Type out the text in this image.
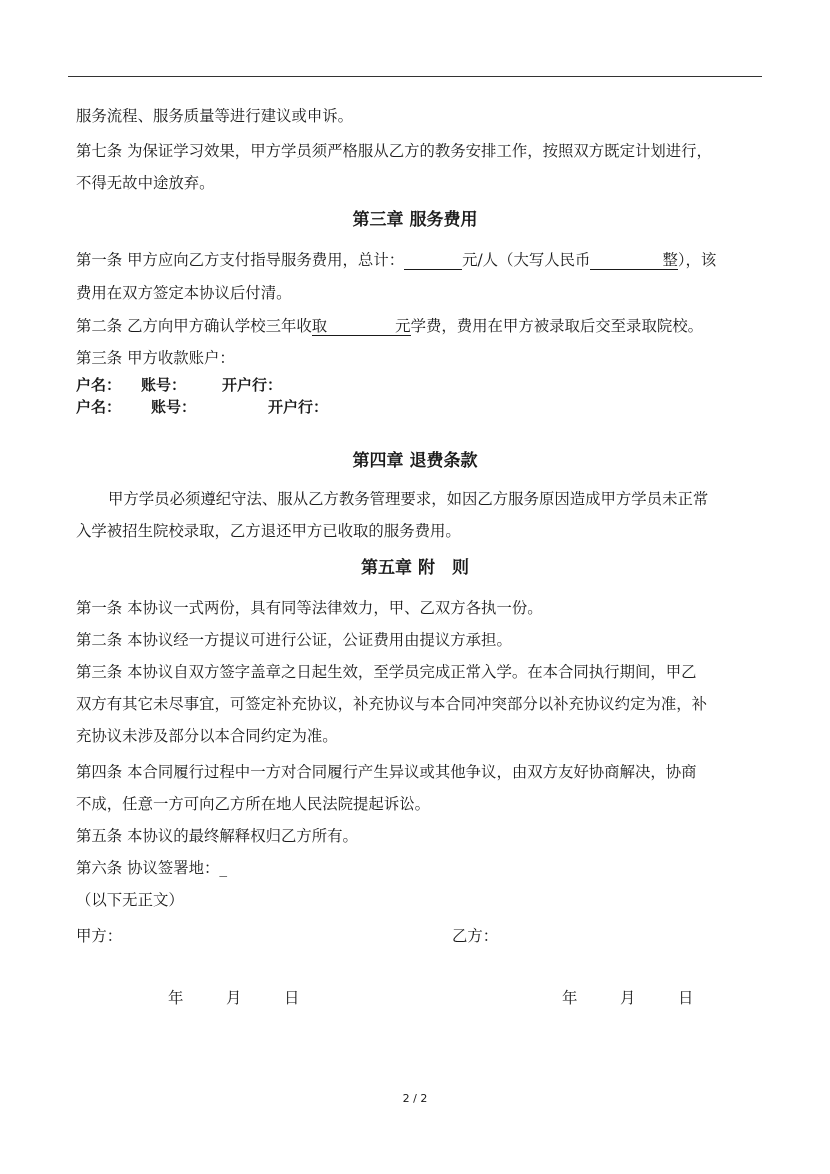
​
服务流程、服务质量等进行建议或申诉。
第七条 为保证学习效果，甲方学员须严格服从乙方的教务安排工作，按照双方既定计划进行，
不得无故中途放弃。
第三章 服务费用
第一条 甲方应向乙方支付指导服务费用，总计：	元/人（大写人民币	整），该
费用在双方签定本协议后付清。
第二条 乙方向甲方确认学校三年收取	元学费，费用在甲方被录取后交至录取院校。
第三条 甲方收款账户：
户名： 账号： 开户行：
户名： 账号：	开户行：
第四章 退费条款
甲方学员必须遵纪守法、服从乙方教务管理要求，如因乙方服务原因造成甲方学员未正常
入学被招生院校录取，乙方退还甲方已收取的服务费用。
第五章 附　则
第一条 本协议一式两份，具有同等法律效力，甲、乙双方各执一份。
第二条 本协议经一方提议可进行公证，公证费用由提议方承担。
第三条 本协议自双方签字盖章之日起生效，至学员完成正常入学。在本合同执行期间，甲乙
双方有其它未尽事宜，可签定补充协议，补充协议与本合同冲突部分以补充协议约定为准，补
充协议未涉及部分以本合同约定为准。
第四条 本合同履行过程中一方对合同履行产生异议或其他争议，由双方友好协商解决，协商
不成，任意一方可向乙方所在地人民法院提起诉讼。
第五条 本协议的最终解释权归乙方所有。
第六条 协议签署地：_
（以下无正文）
甲方：	乙方：
年	月	日	年	月	日
2 / 2
